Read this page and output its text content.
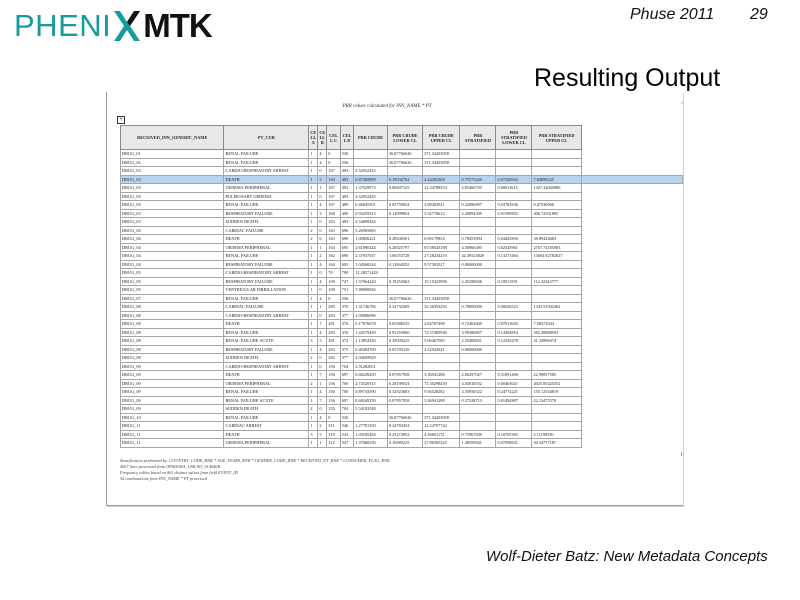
PHENI MTK	Phuse 2011 29
Resulting Output
PRR values calculated for INN_NAME * PT
1
+
RECEIVED_INN_GENERIC_NAME	PT_CUR	CE LL A	CE LL B	CEL L C	CEL L D	PRR CRUDE	PRR CRUDE LOWER CL	PRR CRUDE UPPER CL	PRR STRATIFIED	PRR STRATIFIED LOWER CL	PRR STRATIFIED UPPER CL	
DRUG_01	RENAL FAILURE	1	4	0	536		36.87766626	371.34203858				
DRUG_02	RENAL FAILURE	1	4	0	536		36.87766626	371.34203858				
DRUG_03	CARDIO-RESPIRATORY ARREST	1	0	167	493	2.54552425						
DRUG_03	DEATH	1	3	160	483	0.87469899	0.18032702	4.24203308	0.75575420	0.07220942	7.84898225	
DRUG_03	OEDEMA PERIPHERAL	1	1	167	492	1.37029973	0.08407125	21.34788553	2.85460705	0.00611615	1427.32060986	
DRUG_03	PULMONARY OEDEMA	1	0	167	493	2.54552425						
DRUG_03	RENAL FAILURE	1	4	167	489	0.46645301	0.05759024	2.98402921	0.42086897	0.03781636	9.47530066	
DRUG_03	RESPIRATORY FAILURE	1	3	168	490	0.93255913	0.14999854	5.32776612	2.20894309	0.01599852	406.72591885	
DRUG_03	SUDDEN DEATH	1	0	163	493	2.54690454						
DRUG_04	CARDIAC FAILURE	2	0	163	696	5.26965865						
DRUG_04	DEATH	2	6	163	690	1.00826221	0.28636501	6.90179854	0.78453094	0.04425830	38.89424683	
DRUG_04	OEDEMA PERIPHERAL	1	1	164	695	2.61890244	0.26025797	67.08543188	4.56966385	0.02545961	2767.74185003	
DRUG_04	RENAL FAILURE	1	2	162	696	2.37037037	1.06553728	27.28234210	42.49523820	0.13273464	13604.92782627	
DRUG_04	RESPIRATORY FAILURE	1	4	164	692	1.04560244	0.11864552	9.57303527	0.00000000			
DRUG_05	CARDIO-RESPIRATORY ARREST	1	0	70	790	12.28571429						
DRUG_05	RESPIRATORY FAILURE	1	4	109	747	1.57064220	0.19252663	15.15325996	2.45258636	0.10911591	112.32342777	
DRUG_05	VENTRICULAR FIBRILLATION	1	0	109	751	7.88990826						
DRUG_07	RENAL FAILURE	1	4	0	536		36.87766626	371.34203858				
DRUG_08	CARDIAC FAILURE	1	1	285	376	1.31746784	0.32734369	52.36353292	0.70000000	0.00026523	1343.91942362	
DRUG_08	CARDIO-RESPIRATORY ARREST	1	0	283	377	2.05886996						
DRUG_08	DEATH	1	7	281	370	0.17676678	0.05588235	2.84767498	0.72463840	0.07011626	7.58373044	
DRUG_08	RENAL FAILURE	1	4	283	376	1.44579439	0.91255860	72.57485940	3.99386857	0.14364854	565.49888591	
DRUG_08	RENAL FAILURE ACUTE	3	5	281	372	1.13854320	0.29039225	5.06467580	2.25400831	0.12343478	41.32898474	
DRUG_08	RESPIRATORY FAILURE	1	4	283	375	0.40494700	0.05705316	4.52942621	0.00000000			
DRUG_08	SUDDEN DEATH	2	0	282	377	2.04609929						
DRUG_09	CARDIO-RESPIRATORY ARREST	1	0	156	704	2.51282051						
DRUG_09	DEATH	1	7	156	697	0.68249259	0.07957958	5.36941288	2.60297027	0.31891406	22.99097585	
DRUG_09	OEDEMA PERIPHERAL	2	1	156	700	2.73520315	0.28199534	71.30298450	4.43010552	0.00463021	4025.85425552	
DRUG_09	RENAL FAILURE	1	4	156	700	0.89743590	0.32923683	9.56528282	4.35956522	0.24774221	155.12544819	
DRUG_09	RENAL FAILURE ACUTE	1	7	156	697	0.68249259	0.07957958	5.36941288	0.37528713	0.01494807	22.13475578	
DRUG_09	SUDDEN DEATH	2	0	155	704	5.54193548						
DRUG_10	RENAL FAILURE	1	4	0	536		36.87766626	371.34203858				
DRUG_11	CARDIAC ARREST	1	2	311	546	1.27781350	0.24784354	12.24797742				
DRUG_11	DEATH	3	5	319	543	1.03185484	0.25274952	4.36601172	0.75967839	0.10705395	5.11198530	
DRUG_11	OEDEMA PERIPHERAL	1	1	312	547	1.37660256	0.10689225	27.86565225	1.48359941	0.07058631	30.34757187	
Stratification performed by: COUNTRY_CODE_RNK * AGE_YEARS_RNK * GENDER_CODE_RNK * RECEIVED_DT_RNK * CONSUMER_FLAG_RNK
4067 lines processed from OPSDORA_USR.NO_014646B
Frequency tables based on 861 distinct values from field EVENT_ID
54 combinations from INN_NAME * PT processed
Wolf-Dieter Batz: New Metadata Concepts
